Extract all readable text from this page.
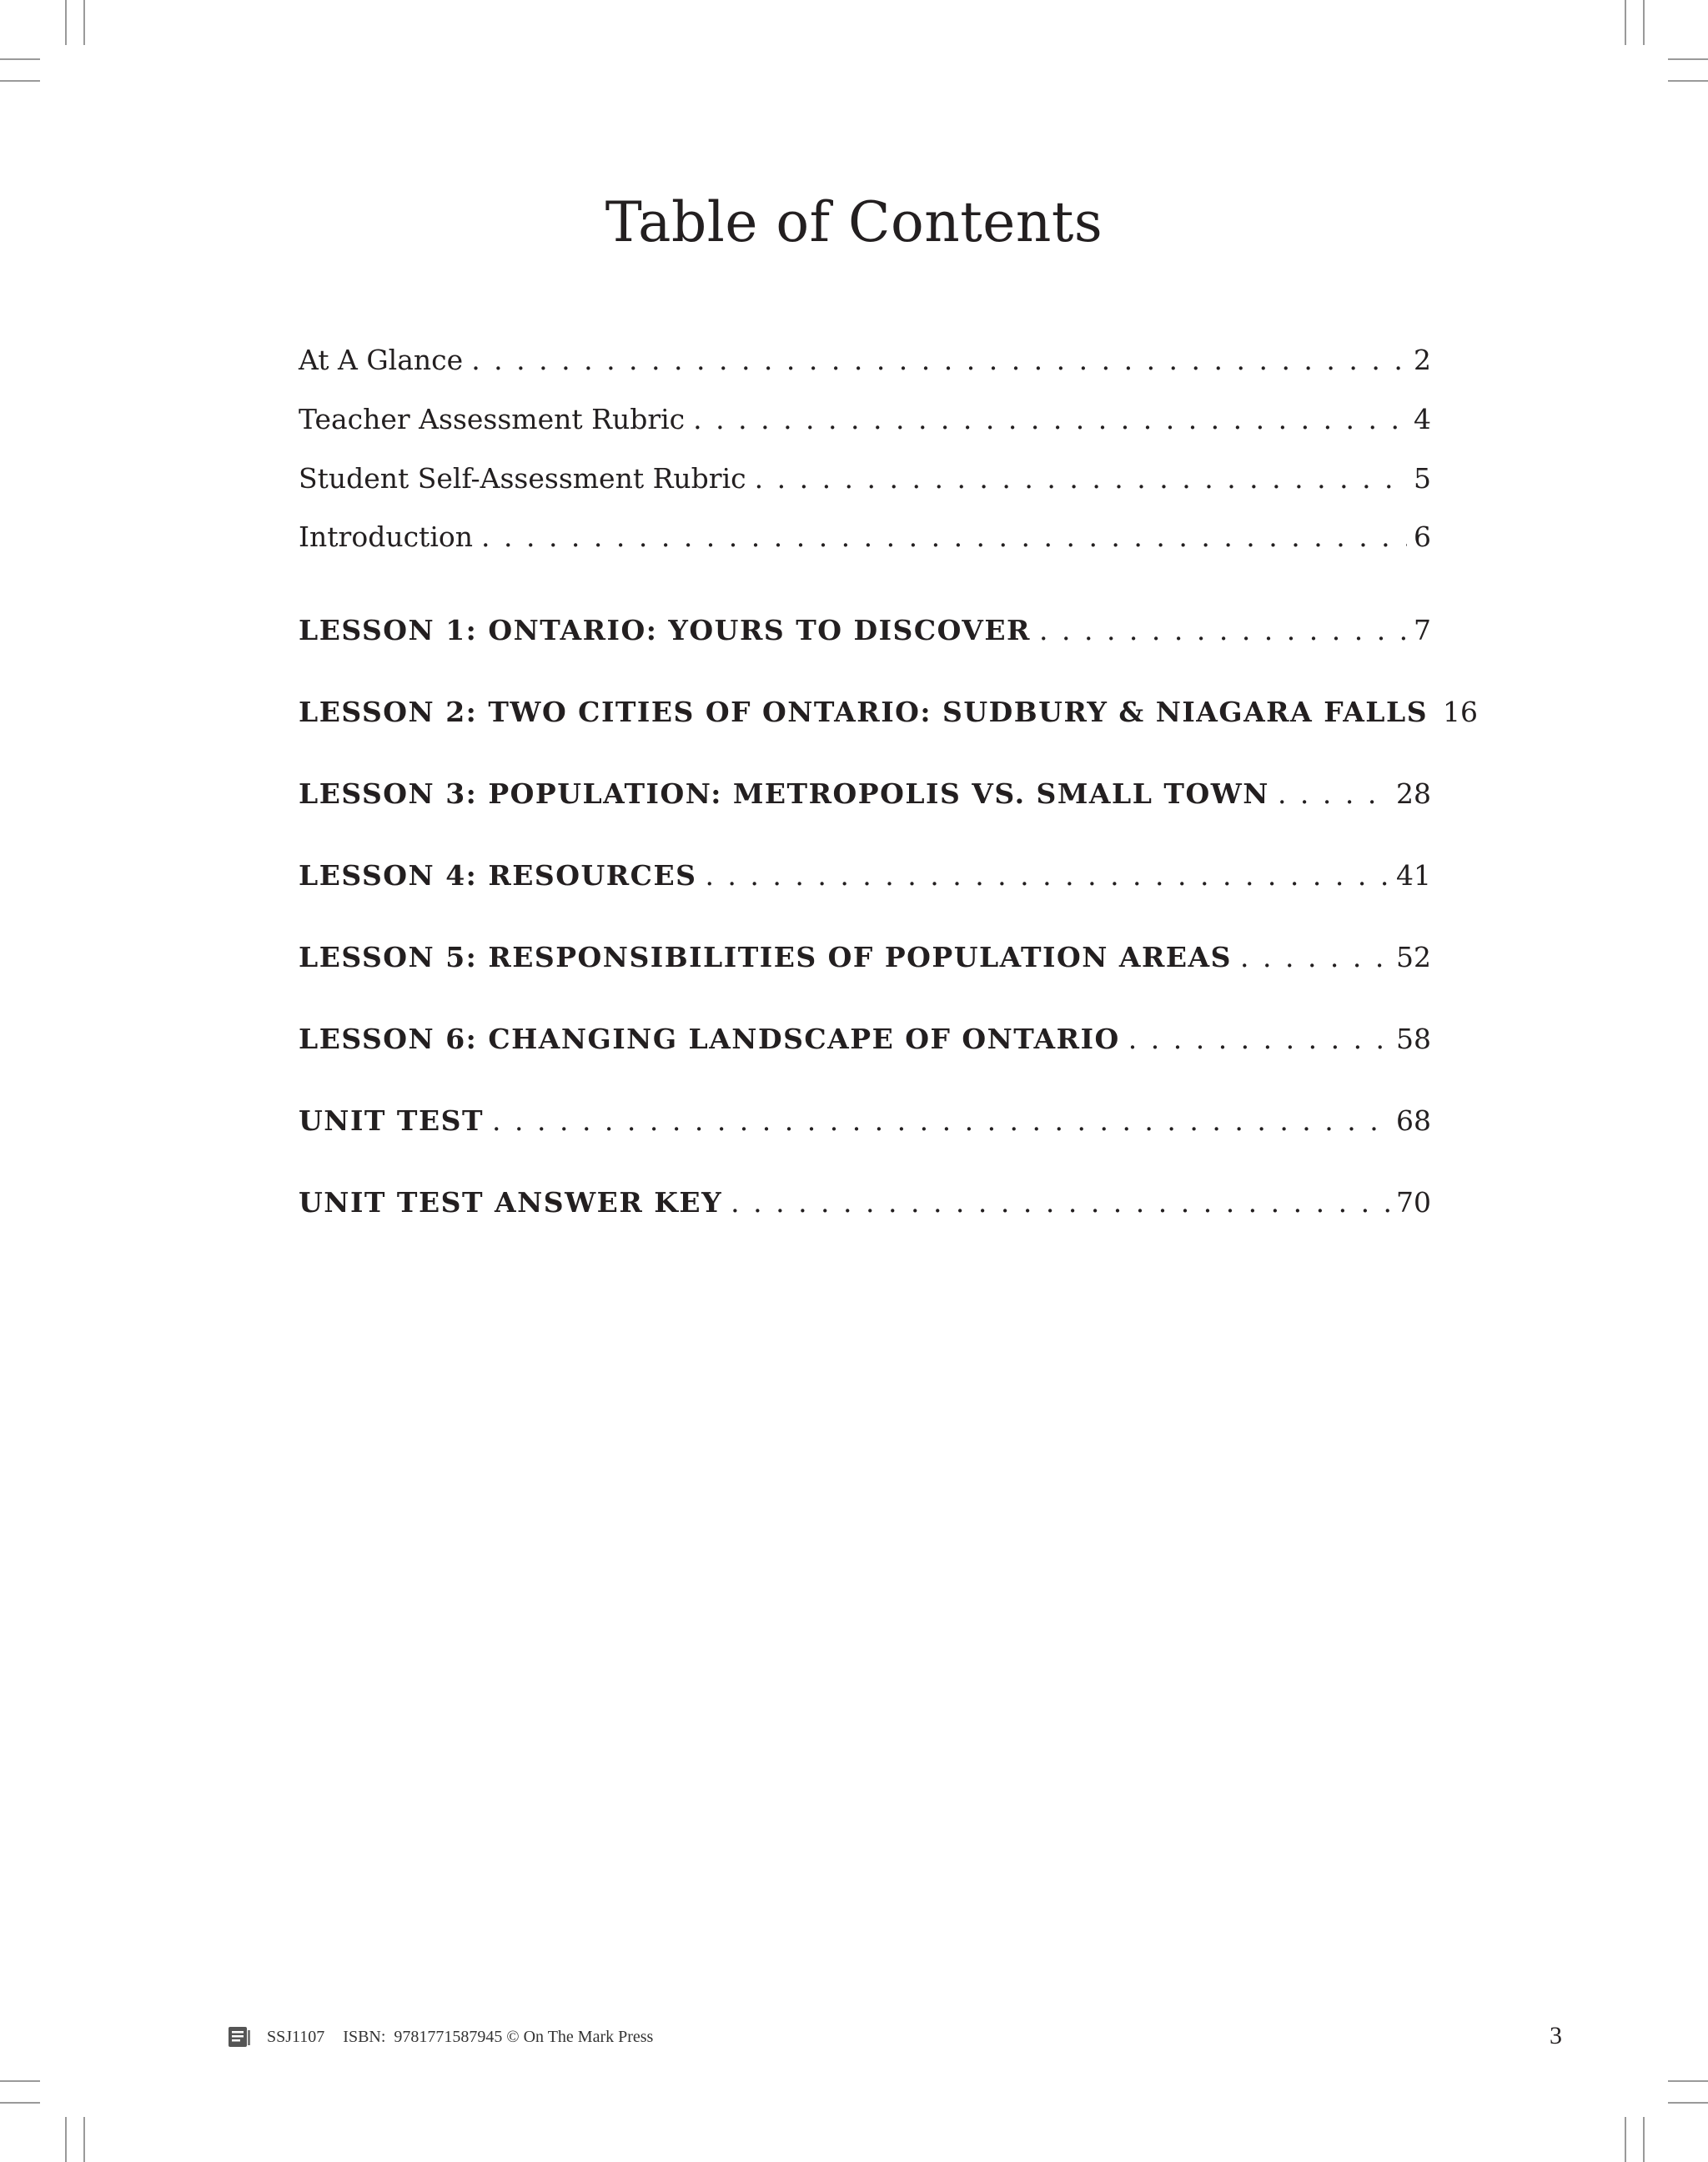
Table of Contents
At A Glance . . .	2
Teacher Assessment Rubric . . .	4
Student Self-Assessment Rubric . . .	5
Introduction . . .	6
LESSON 1: ONTARIO: YOURS TO DISCOVER . . .	7
LESSON 2: TWO CITIES OF ONTARIO: SUDBURY & NIAGARA FALLS 16
LESSON 3: POPULATION: METROPOLIS VS. SMALL TOWN . . .	28
LESSON 4: RESOURCES . . .	41
LESSON 5: RESPONSIBILITIES OF POPULATION AREAS . . .	52
LESSON 6: CHANGING LANDSCAPE OF ONTARIO . . .	58
UNIT TEST . . .	68
UNIT TEST ANSWER KEY . . .	70
SSJ1107 ISBN: 9781771587945 © On The Mark Press	3
